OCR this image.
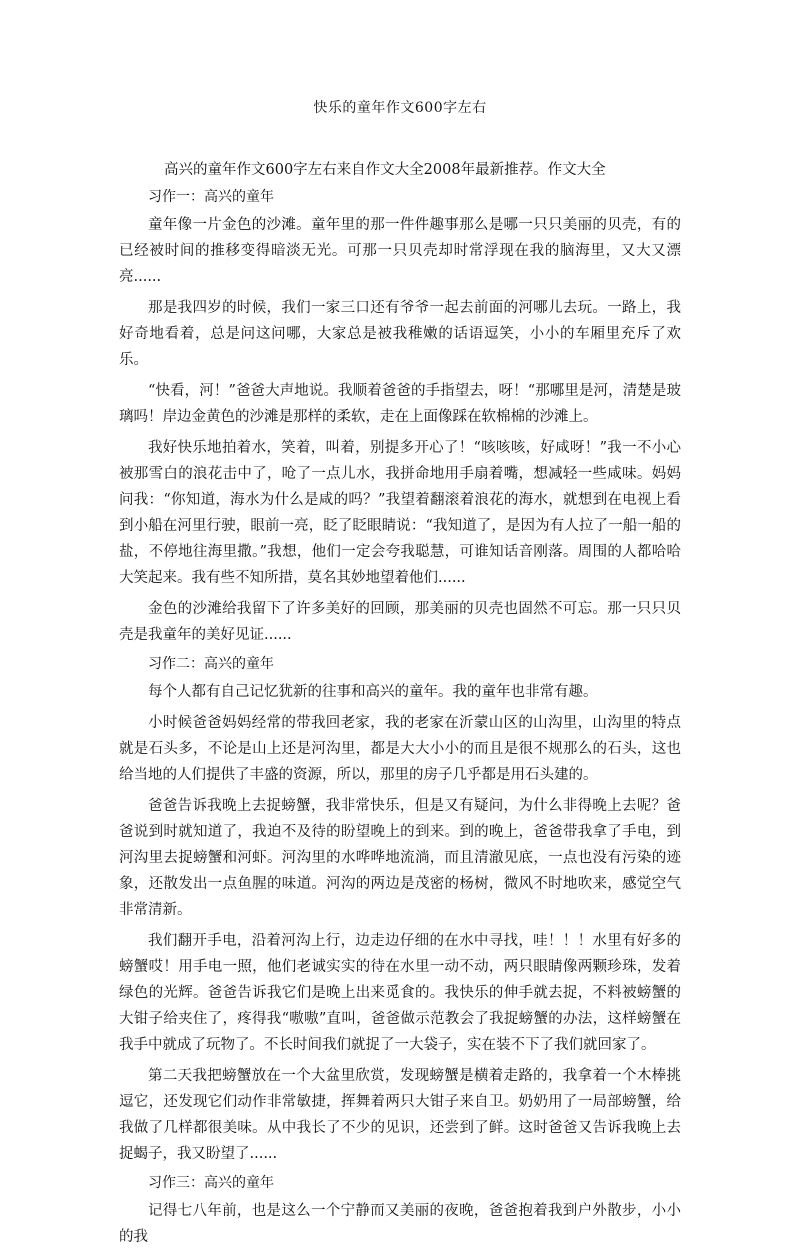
快乐的童年作文600字左右
高兴的童年作文600字左右来自作文大全2008年最新推荐。作文大全
习作一：高兴的童年

童年像一片金色的沙滩。童年里的那一件件趣事那么是哪一只只美丽的贝壳，有的已经被时间的推移变得暗淡无光。可那一只贝壳却时常浮现在我的脑海里，又大又漂亮......

那是我四岁的时候，我们一家三口还有爷爷一起去前面的河哪儿去玩。一路上，我好奇地看着，总是问这问哪，大家总是被我稚嫩的话语逗笑，小小的车厢里充斥了欢乐。

“快看，河！”爸爸大声地说。我顺着爸爸的手指望去，呀！“那哪里是河，清楚是玻璃吗！岸边金黄色的沙滩是那样的柔软，走在上面像踩在软棉棉的沙滩上。

我好快乐地拍着水，笑着，叫着，别提多开心了！“咳咳咳，好咸呀！”我一不小心被那雪白的浪花击中了，呛了一点儿水，我拼命地用手扇着嘴，想减轻一些咸味。妈妈问我：“你知道，海水为什么是咸的吗？”我望着翻滚着浪花的海水，就想到在电视上看到小船在河里行驶，眼前一亮，眨了眨眼睛说：“我知道了，是因为有人拉了一船一船的盐，不停地往海里撒。”我想，他们一定会夸我聪慧，可谁知话音刚落。周围的人都哈哈大笑起来。我有些不知所措，莫名其妙地望着他们......

金色的沙滩给我留下了许多美好的回顾，那美丽的贝壳也固然不可忘。那一只只贝壳是我童年的美好见证......

习作二：高兴的童年

每个人都有自己记忆犹新的往事和高兴的童年。我的童年也非常有趣。

小时候爸爸妈妈经常的带我回老家，我的老家在沂蒙山区的山沟里，山沟里的特点就是石头多，不论是山上还是河沟里，都是大大小小的而且是很不规那么的石头，这也给当地的人们提供了丰盛的资源，所以，那里的房子几乎都是用石头建的。

爸爸告诉我晚上去捉螃蟹，我非常快乐，但是又有疑问，为什么非得晚上去呢？爸爸说到时就知道了，我迫不及待的盼望晚上的到来。到的晚上，爸爸带我拿了手电，到河沟里去捉螃蟹和河虾。河沟里的水哗哗地流淌，而且清澈见底，一点也没有污染的迹象，还散发出一点鱼腥的味道。河沟的两边是茂密的杨树，微风不时地吹来，感觉空气非常清新。

我们翻开手电，沿着河沟上行，边走边仔细的在水中寻找，哇！！！水里有好多的螃蟹哎！用手电一照，他们老诚实实的待在水里一动不动，两只眼睛像两颗珍珠，发着绿色的光辉。爸爸告诉我它们是晚上出来觅食的。我快乐的伸手就去捉，不料被螃蟹的大钳子给夹住了，疼得我“嗷嗷”直叫，爸爸做示范教会了我捉螃蟹的办法，这样螃蟹在我手中就成了玩物了。不长时间我们就捉了一大袋子，实在装不下了我们就回家了。

第二天我把螃蟹放在一个大盆里欣赏，发现螃蟹是横着走路的，我拿着一个木棒挑逗它，还发现它们动作非常敏捷，挥舞着两只大钳子来自卫。奶奶用了一局部螃蟹，给我做了几样都很美味。从中我长了不少的见识，还尝到了鲜。这时爸爸又告诉我晚上去捉蝎子，我又盼望了......

习作三：高兴的童年

记得七八年前，也是这么一个宁静而又美丽的夜晚，爸爸抱着我到户外散步，小小的我
